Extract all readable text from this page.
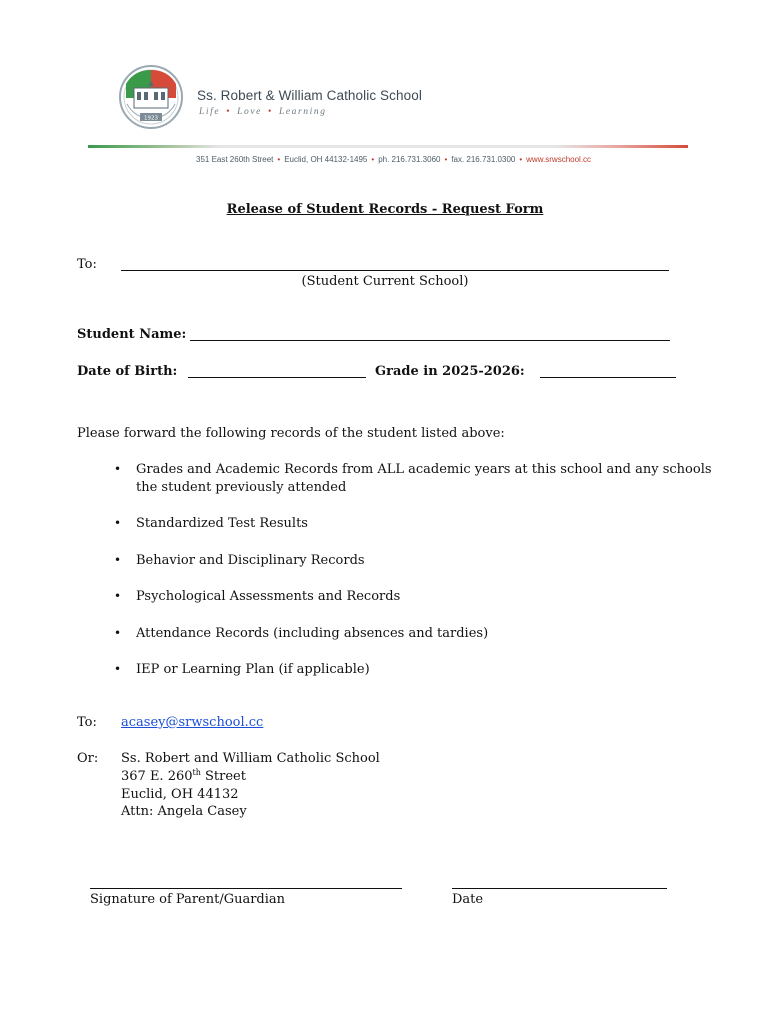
1923
Ss. Robert & William Catholic School
Life • Love • Learning
351 East 260th Street • Euclid, OH 44132-1495 • ph. 216.731.3060 • fax. 216.731.0300 • www.srwschool.cc
Release of Student Records - Request Form
To:
(Student Current School)
Student Name:
Date of Birth:	Grade in 2025-2026:
Please forward the following records of the student listed above:
• Grades and Academic Records from ALL academic years at this school and any schools the student previously attended
• Standardized Test Results
• Behavior and Disciplinary Records
• Psychological Assessments and Records
• Attendance Records (including absences and tardies)
• IEP or Learning Plan (if applicable)
To: acasey@srwschool.cc
Or: Ss. Robert and William Catholic School
367 E. 260th Street
Euclid, OH 44132
Attn: Angela Casey
Signature of Parent/Guardian	Date
